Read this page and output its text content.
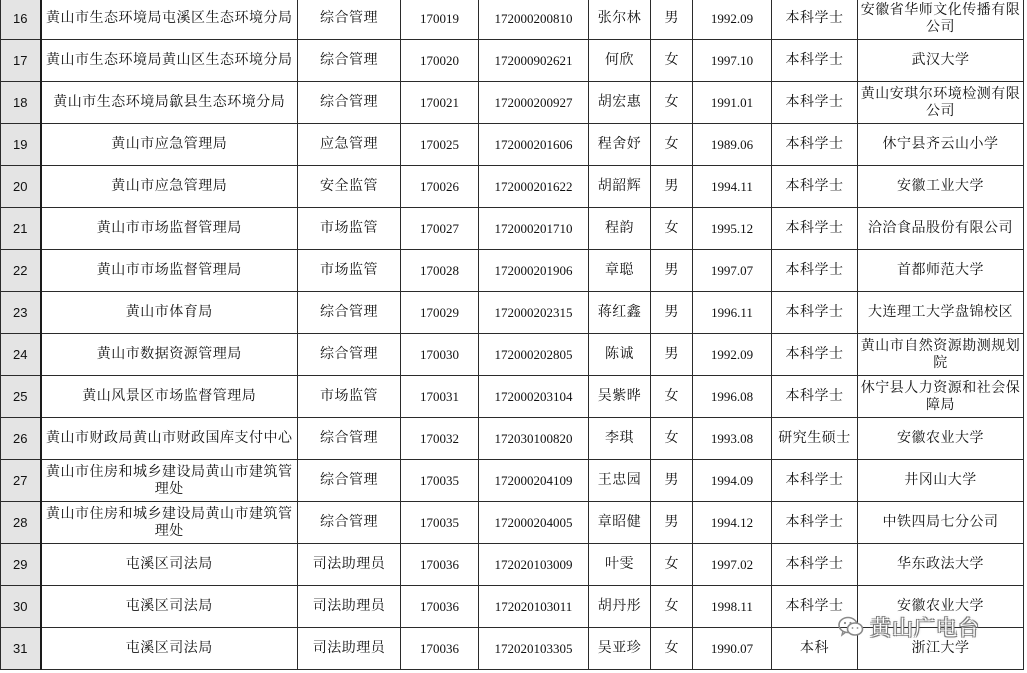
16	黄山市生态环境局屯溪区生态环境分局	综合管理	170019	172000200810	张尔林	男	1992.09	本科学士	安徽省华师文化传播有限公司
17	黄山市生态环境局黄山区生态环境分局	综合管理	170020	172000902621	何欣	女	1997.10	本科学士	武汉大学
18	黄山市生态环境局歙县生态环境分局	综合管理	170021	172000200927	胡宏惠	女	1991.01	本科学士	黄山安琪尔环境检测有限公司
19	黄山市应急管理局	应急管理	170025	172000201606	程舍妤	女	1989.06	本科学士	休宁县齐云山小学
20	黄山市应急管理局	安全监管	170026	172000201622	胡韶辉	男	1994.11	本科学士	安徽工业大学
21	黄山市市场监督管理局	市场监管	170027	172000201710	程韵	女	1995.12	本科学士	洽洽食品股份有限公司
22	黄山市市场监督管理局	市场监管	170028	172000201906	章聪	男	1997.07	本科学士	首都师范大学
23	黄山市体育局	综合管理	170029	172000202315	蒋红鑫	男	1996.11	本科学士	大连理工大学盘锦校区
24	黄山市数据资源管理局	综合管理	170030	172000202805	陈诚	男	1992.09	本科学士	黄山市自然资源勘测规划院
25	黄山风景区市场监督管理局	市场监管	170031	172000203104	吴紫晔	女	1996.08	本科学士	休宁县人力资源和社会保障局
26	黄山市财政局黄山市财政国库支付中心	综合管理	170032	172030100820	李琪	女	1993.08	研究生硕士	安徽农业大学
27	黄山市住房和城乡建设局黄山市建筑管理处	综合管理	170035	172000204109	王忠园	男	1994.09	本科学士	井冈山大学
28	黄山市住房和城乡建设局黄山市建筑管理处	综合管理	170035	172000204005	章昭健	男	1994.12	本科学士	中铁四局七分公司
29	屯溪区司法局	司法助理员	170036	172020103009	叶雯	女	1997.02	本科学士	华东政法大学
30	屯溪区司法局	司法助理员	170036	172020103011	胡丹彤	女	1998.11	本科学士	安徽农业大学
31	屯溪区司法局	司法助理员	170036	172020103305	吴亚珍	女	1990.07	本科	浙江大学
黄山广电台
